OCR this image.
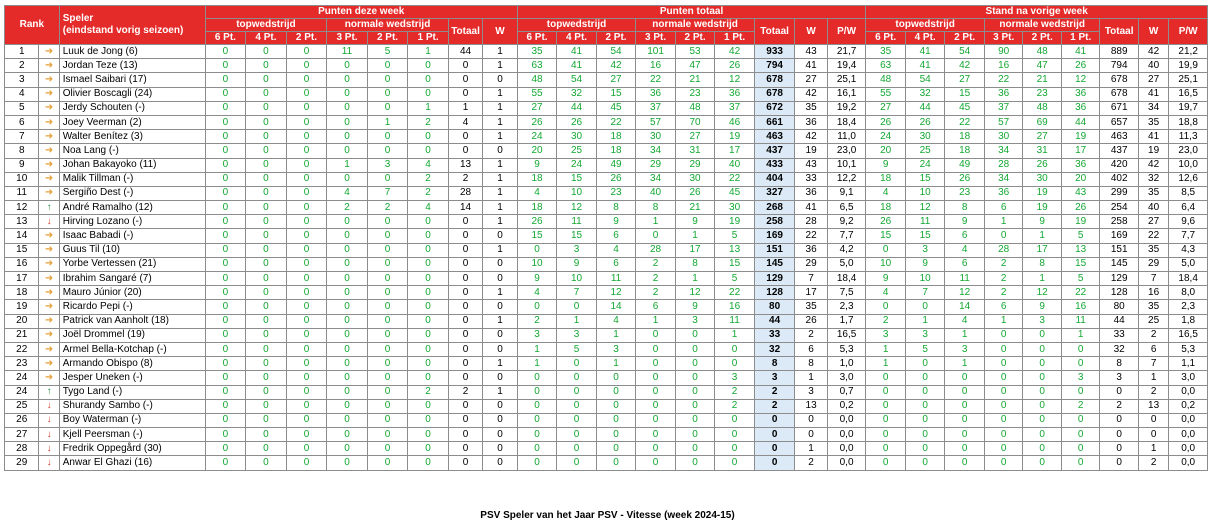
Rank		Speler
(eindstand vorig seizoen)	Punten deze week								Punten totaal									Stand na vorige week								
			topwedstrijd			normale wedstrijd			Totaal	W	topwedstrijd			normale wedstrijd			Totaal	W	P/W	topwedstrijd			normale wedstrijd			Totaal	W	P/W
			6 Pt.	4 Pt.	2 Pt.	3 Pt.	2 Pt.	1 Pt.			6 Pt.	4 Pt.	2 Pt.	3 Pt.	2 Pt.	1 Pt.				6 Pt.	4 Pt.	2 Pt.	3 Pt.	2 Pt.	1 Pt.			
1	➜	Luuk de Jong (6)	0	0	0	11	5	1	44	1	35	41	54	101	53	42	933	43	21,7	35	41	54	90	48	41	889	42	21,2
2	➜	Jordan Teze (13)	0	0	0	0	0	0	0	1	63	41	42	16	47	26	794	41	19,4	63	41	42	16	47	26	794	40	19,9
3	➜	Ismael Saibari (17)	0	0	0	0	0	0	0	0	48	54	27	22	21	12	678	27	25,1	48	54	27	22	21	12	678	27	25,1
4	➜	Olivier Boscagli (24)	0	0	0	0	0	0	0	1	55	32	15	36	23	36	678	42	16,1	55	32	15	36	23	36	678	41	16,5
5	➜	Jerdy Schouten (-)	0	0	0	0	0	1	1	1	27	44	45	37	48	37	672	35	19,2	27	44	45	37	48	36	671	34	19,7
6	➜	Joey Veerman (2)	0	0	0	0	1	2	4	1	26	26	22	57	70	46	661	36	18,4	26	26	22	57	69	44	657	35	18,8
7	➜	Walter Benítez (3)	0	0	0	0	0	0	0	1	24	30	18	30	27	19	463	42	11,0	24	30	18	30	27	19	463	41	11,3
8	➜	Noa Lang (-)	0	0	0	0	0	0	0	0	20	25	18	34	31	17	437	19	23,0	20	25	18	34	31	17	437	19	23,0
9	➜	Johan Bakayoko (11)	0	0	0	1	3	4	13	1	9	24	49	29	29	40	433	43	10,1	9	24	49	28	26	36	420	42	10,0
10	➜	Malik Tillman (-)	0	0	0	0	0	2	2	1	18	15	26	34	30	22	404	33	12,2	18	15	26	34	30	20	402	32	12,6
11	➜	Sergiño Dest (-)	0	0	0	4	7	2	28	1	4	10	23	40	26	45	327	36	9,1	4	10	23	36	19	43	299	35	8,5
12	↑	André Ramalho (12)	0	0	0	2	2	4	14	1	18	12	8	8	21	30	268	41	6,5	18	12	8	6	19	26	254	40	6,4
13	↓	Hirving Lozano (-)	0	0	0	0	0	0	0	1	26	11	9	1	9	19	258	28	9,2	26	11	9	1	9	19	258	27	9,6
14	➜	Isaac Babadi (-)	0	0	0	0	0	0	0	0	15	15	6	0	1	5	169	22	7,7	15	15	6	0	1	5	169	22	7,7
15	➜	Guus Til (10)	0	0	0	0	0	0	0	1	0	3	4	28	17	13	151	36	4,2	0	3	4	28	17	13	151	35	4,3
16	➜	Yorbe Vertessen (21)	0	0	0	0	0	0	0	0	10	9	6	2	8	15	145	29	5,0	10	9	6	2	8	15	145	29	5,0
17	➜	Ibrahim Sangaré (7)	0	0	0	0	0	0	0	0	9	10	11	2	1	5	129	7	18,4	9	10	11	2	1	5	129	7	18,4
18	➜	Mauro Júnior (20)	0	0	0	0	0	0	0	1	4	7	12	2	12	22	128	17	7,5	4	7	12	2	12	22	128	16	8,0
19	➜	Ricardo Pepi (-)	0	0	0	0	0	0	0	0	0	0	14	6	9	16	80	35	2,3	0	0	14	6	9	16	80	35	2,3
20	➜	Patrick van Aanholt (18)	0	0	0	0	0	0	0	1	2	1	4	1	3	11	44	26	1,7	2	1	4	1	3	11	44	25	1,8
21	➜	Joël Drommel (19)	0	0	0	0	0	0	0	0	3	3	1	0	0	1	33	2	16,5	3	3	1	0	0	1	33	2	16,5
22	➜	Armel Bella-Kotchap (-)	0	0	0	0	0	0	0	0	1	5	3	0	0	0	32	6	5,3	1	5	3	0	0	0	32	6	5,3
23	➜	Armando Obispo (8)	0	0	0	0	0	0	0	1	1	0	1	0	0	0	8	8	1,0	1	0	1	0	0	0	8	7	1,1
24	➜	Jesper Uneken (-)	0	0	0	0	0	0	0	0	0	0	0	0	0	3	3	1	3,0	0	0	0	0	0	3	3	1	3,0
24	↑	Tygo Land (-)	0	0	0	0	0	2	2	1	0	0	0	0	0	2	2	3	0,7	0	0	0	0	0	0	0	2	0,0
25	↓	Shurandy Sambo (-)	0	0	0	0	0	0	0	0	0	0	0	0	0	2	2	13	0,2	0	0	0	0	0	2	2	13	0,2
26	↓	Boy Waterman (-)	0	0	0	0	0	0	0	0	0	0	0	0	0	0	0	0	0,0	0	0	0	0	0	0	0	0	0,0
27	↓	Kjell Peersman (-)	0	0	0	0	0	0	0	0	0	0	0	0	0	0	0	0	0,0	0	0	0	0	0	0	0	0	0,0
28	↓	Fredrik Oppegård (30)	0	0	0	0	0	0	0	0	0	0	0	0	0	0	0	1	0,0	0	0	0	0	0	0	0	1	0,0
29	↓	Anwar El Ghazi (16)	0	0	0	0	0	0	0	0	0	0	0	0	0	0	0	2	0,0	0	0	0	0	0	0	0	2	0,0
PSV Speler van het Jaar PSV - Vitesse (week 2024-15)
